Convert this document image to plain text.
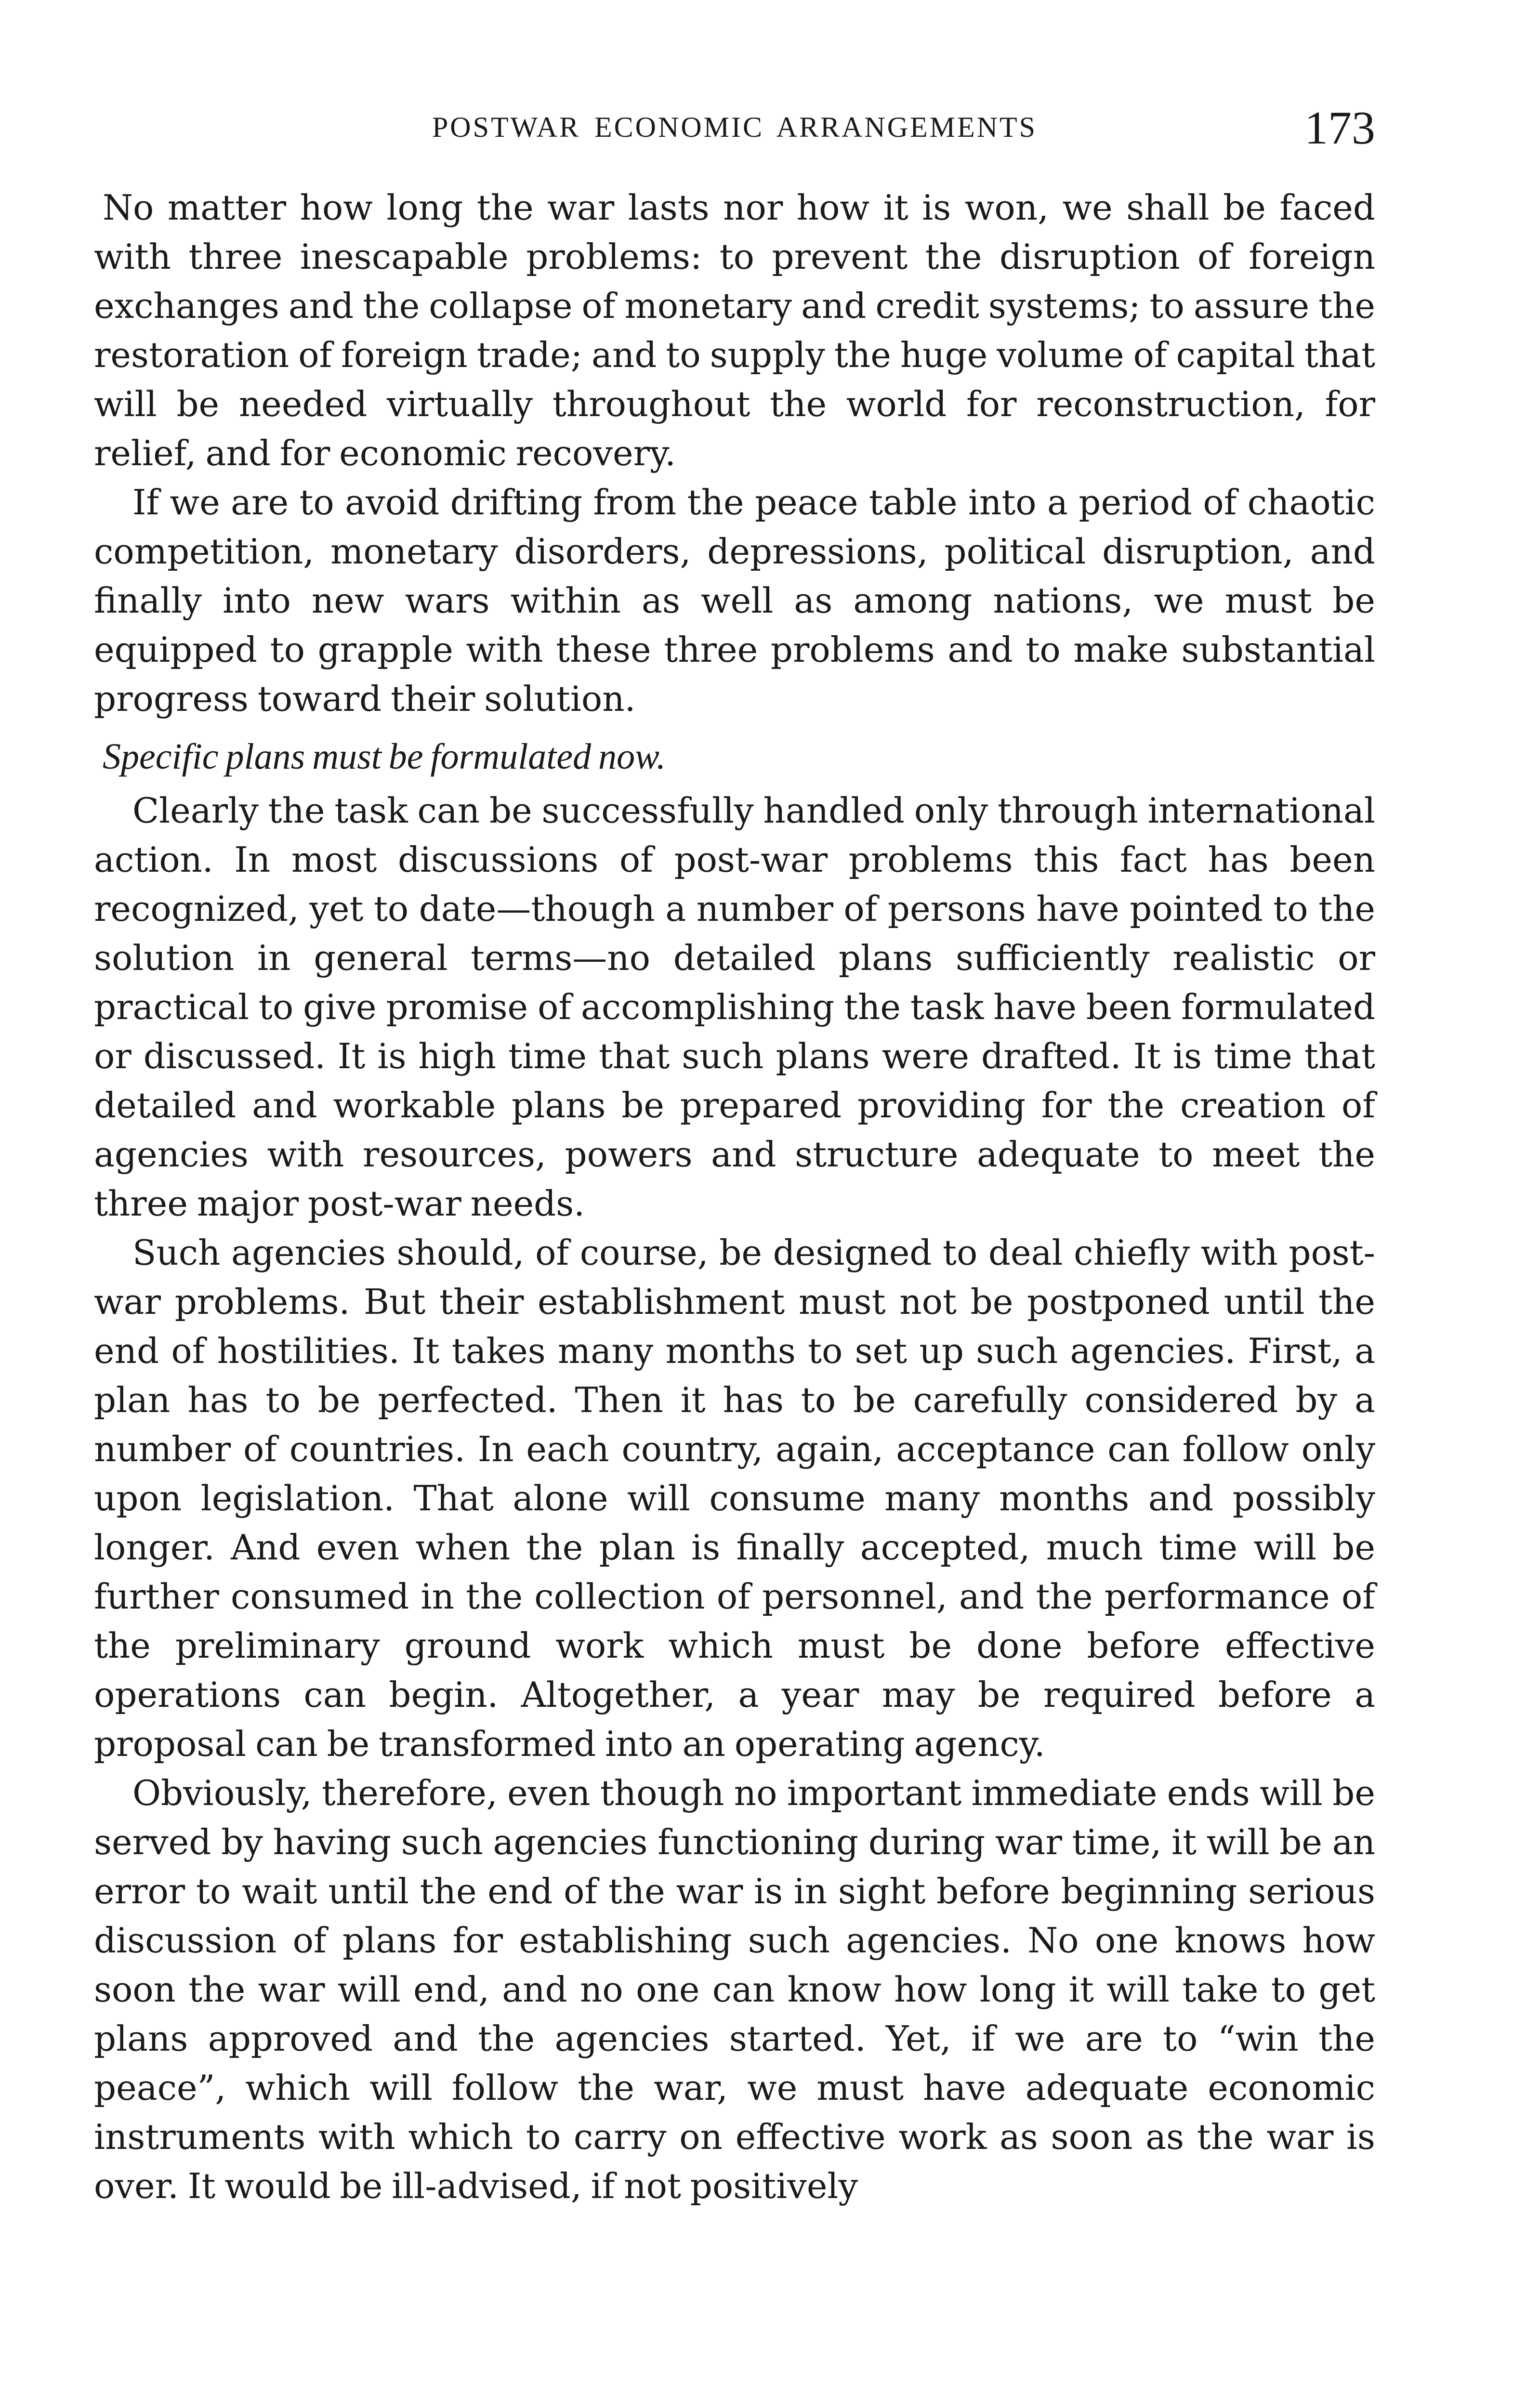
POSTWAR ECONOMIC ARRANGEMENTS	173

No matter how long the war lasts nor how it is won, we shall be faced with three inescapable problems: to prevent the disruption of foreign exchanges and the collapse of monetary and credit systems; to assure the restoration of foreign trade; and to supply the huge volume of capital that will be needed virtually throughout the world for reconstruction, for relief, and for economic recovery.

If we are to avoid drifting from the peace table into a period of chaotic competition, monetary disorders, depressions, political disruption, and finally into new wars within as well as among nations, we must be equipped to grapple with these three problems and to make substantial progress toward their solution.

Specific plans must be formulated now.

Clearly the task can be successfully handled only through international action. In most discussions of post-war problems this fact has been recognized, yet to date—though a number of persons have pointed to the solution in general terms—no detailed plans sufficiently realistic or practical to give promise of accomplishing the task have been formulated or discussed. It is high time that such plans were drafted. It is time that detailed and workable plans be prepared providing for the creation of agencies with resources, powers and structure adequate to meet the three major post-war needs.

Such agencies should, of course, be designed to deal chiefly with post-war problems. But their establishment must not be postponed until the end of hostilities. It takes many months to set up such agencies. First, a plan has to be perfected. Then it has to be carefully considered by a number of countries. In each country, again, acceptance can follow only upon legislation. That alone will consume many months and possibly longer. And even when the plan is finally accepted, much time will be further consumed in the collection of personnel, and the performance of the preliminary ground work which must be done before effective operations can begin. Altogether, a year may be required before a proposal can be transformed into an operating agency.

Obviously, therefore, even though no important immediate ends will be served by having such agencies functioning during war time, it will be an error to wait until the end of the war is in sight before beginning serious discussion of plans for establishing such agencies. No one knows how soon the war will end, and no one can know how long it will take to get plans approved and the agencies started. Yet, if we are to “win the peace”, which will follow the war, we must have adequate economic instruments with which to carry on effective work as soon as the war is over. It would be ill-advised, if not positively
